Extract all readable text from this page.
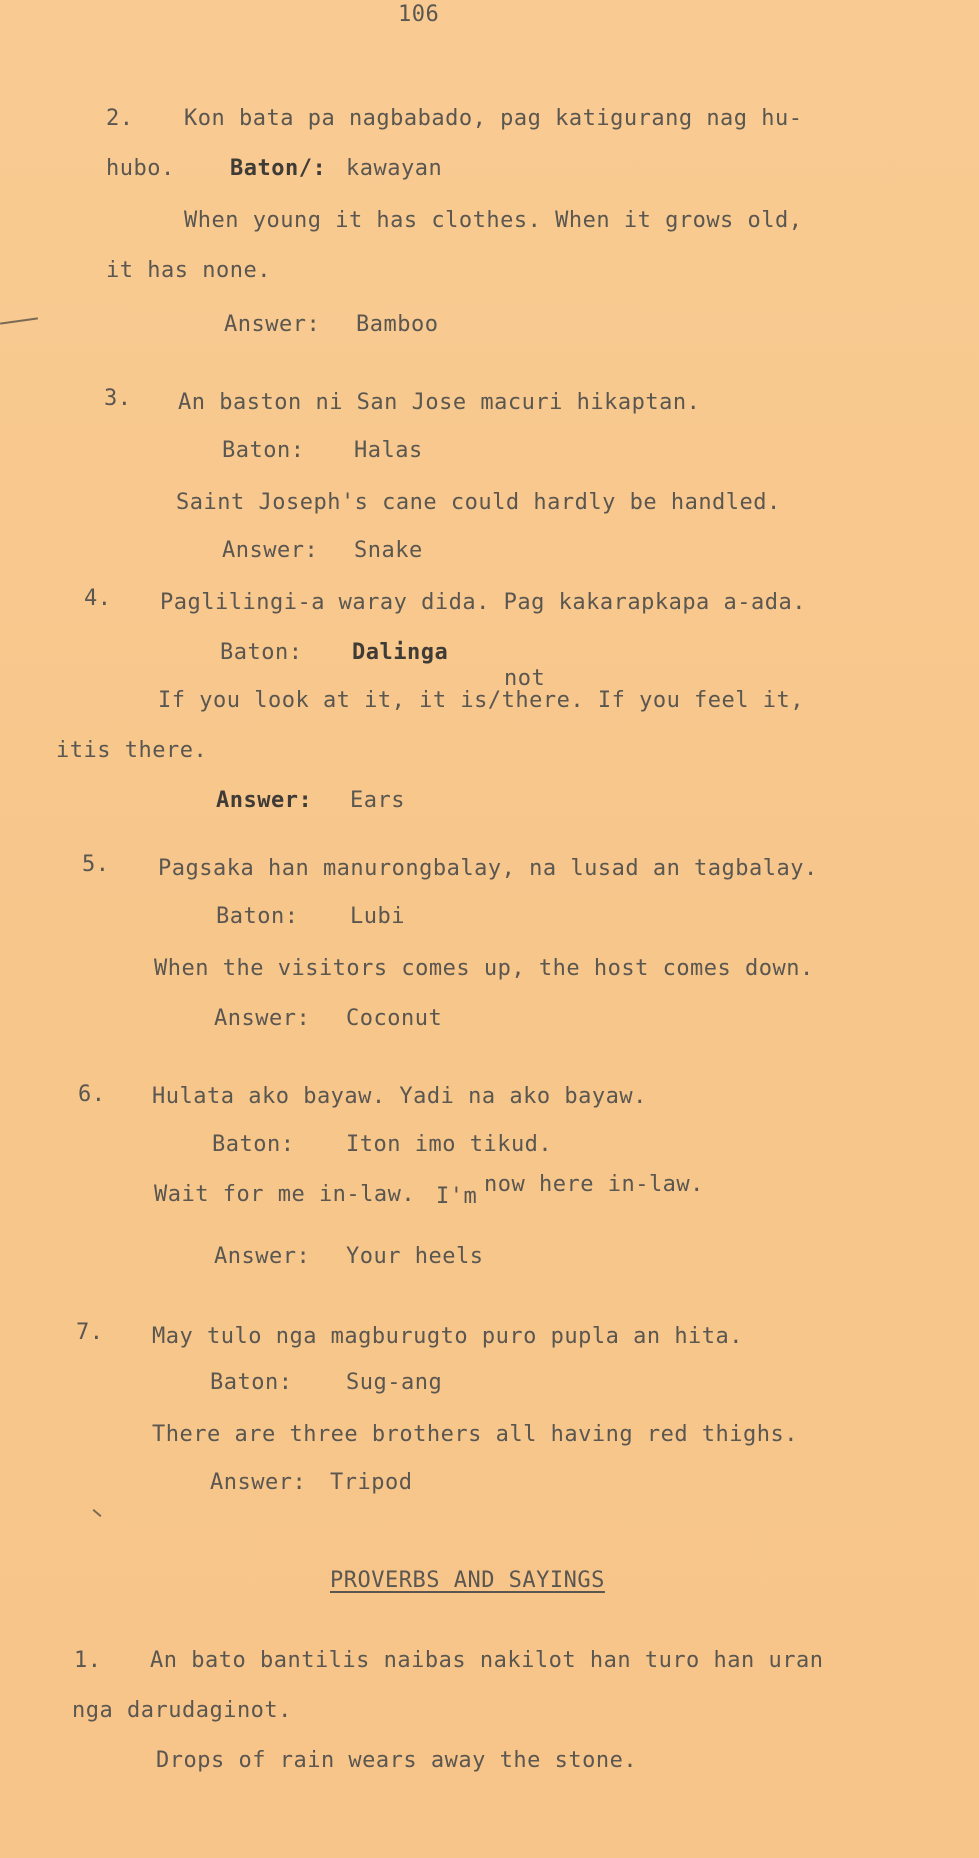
106
2. Kon bata pa nagbabado, pag katigurang nag hu-
hubo.	Baton/: kawayan
When young it has clothes. When it grows old,
it has none.
Answer: Bamboo
3. An baston ni San Jose macuri hikaptan.
Baton: Halas
Saint Joseph's cane could hardly be handled.
Answer: Snake
4. Paglilingi-a waray dida. Pag kakarapkapa a-ada.
Baton: Dalinga
not
If you look at it, it is/there. If you feel it,
itis there.
Answer: Ears
5. Pagsaka han manurongbalay, na lusad an tagbalay.
Baton: Lubi
When the visitors comes up, the host comes down.
Answer: Coconut
6. Hulata ako bayaw. Yadi na ako bayaw.
Baton: Iton imo tikud.
Wait for me in-law. I'm now here in-law.
Answer: Your heels
7. May tulo nga magburugto puro pupla an hita.
Baton: Sug-ang
There are three brothers all having red thighs.
Answer: Tripod
PROVERBS AND SAYINGS
1. An bato bantilis naibas nakilot han turo han uran
nga darudaginot.
Drops of rain wears away the stone.
